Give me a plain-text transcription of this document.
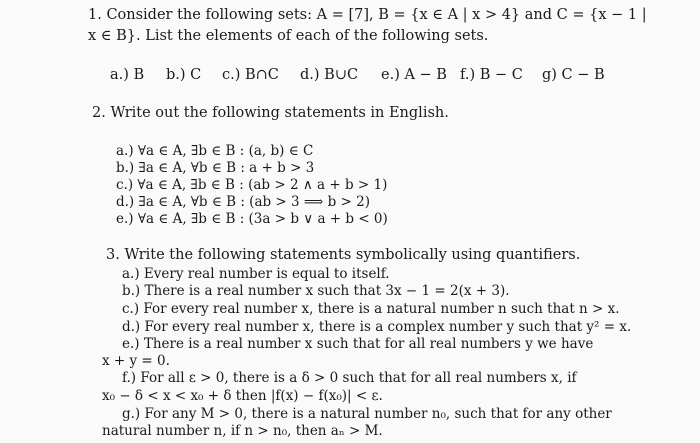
1. Consider the following sets: A = [7], B = {x ∈ A | x > 4} and C = {x − 1 |
x ∈ B}. List the elements of each of the following sets.
a.) B b.) C c.) B∩C d.) B∪C e.) A − B f.) B − C g) C − B
2. Write out the following statements in English.
a.) ∀a ∈ A, ∃b ∈ B : (a, b) ∈ C
b.) ∃a ∈ A, ∀b ∈ B : a + b > 3
c.) ∀a ∈ A, ∃b ∈ B : (ab > 2 ∧ a + b > 1)
d.) ∃a ∈ A, ∀b ∈ B : (ab > 3 ⟹ b > 2)
e.) ∀a ∈ A, ∃b ∈ B : (3a > b ∨ a + b < 0)
3. Write the following statements symbolically using quantifiers.
a.) Every real number is equal to itself.
b.) There is a real number x such that 3x − 1 = 2(x + 3).
c.) For every real number x, there is a natural number n such that n > x.
d.) For every real number x, there is a complex number y such that y² = x.
e.) There is a real number x such that for all real numbers y we have
x + y = 0.
f.) For all ε > 0, there is a δ > 0 such that for all real numbers x, if
x₀ − δ < x < x₀ + δ then |f(x) − f(x₀)| < ε.
g.) For any M > 0, there is a natural number n₀, such that for any other
natural number n, if n > n₀, then aₙ > M.
